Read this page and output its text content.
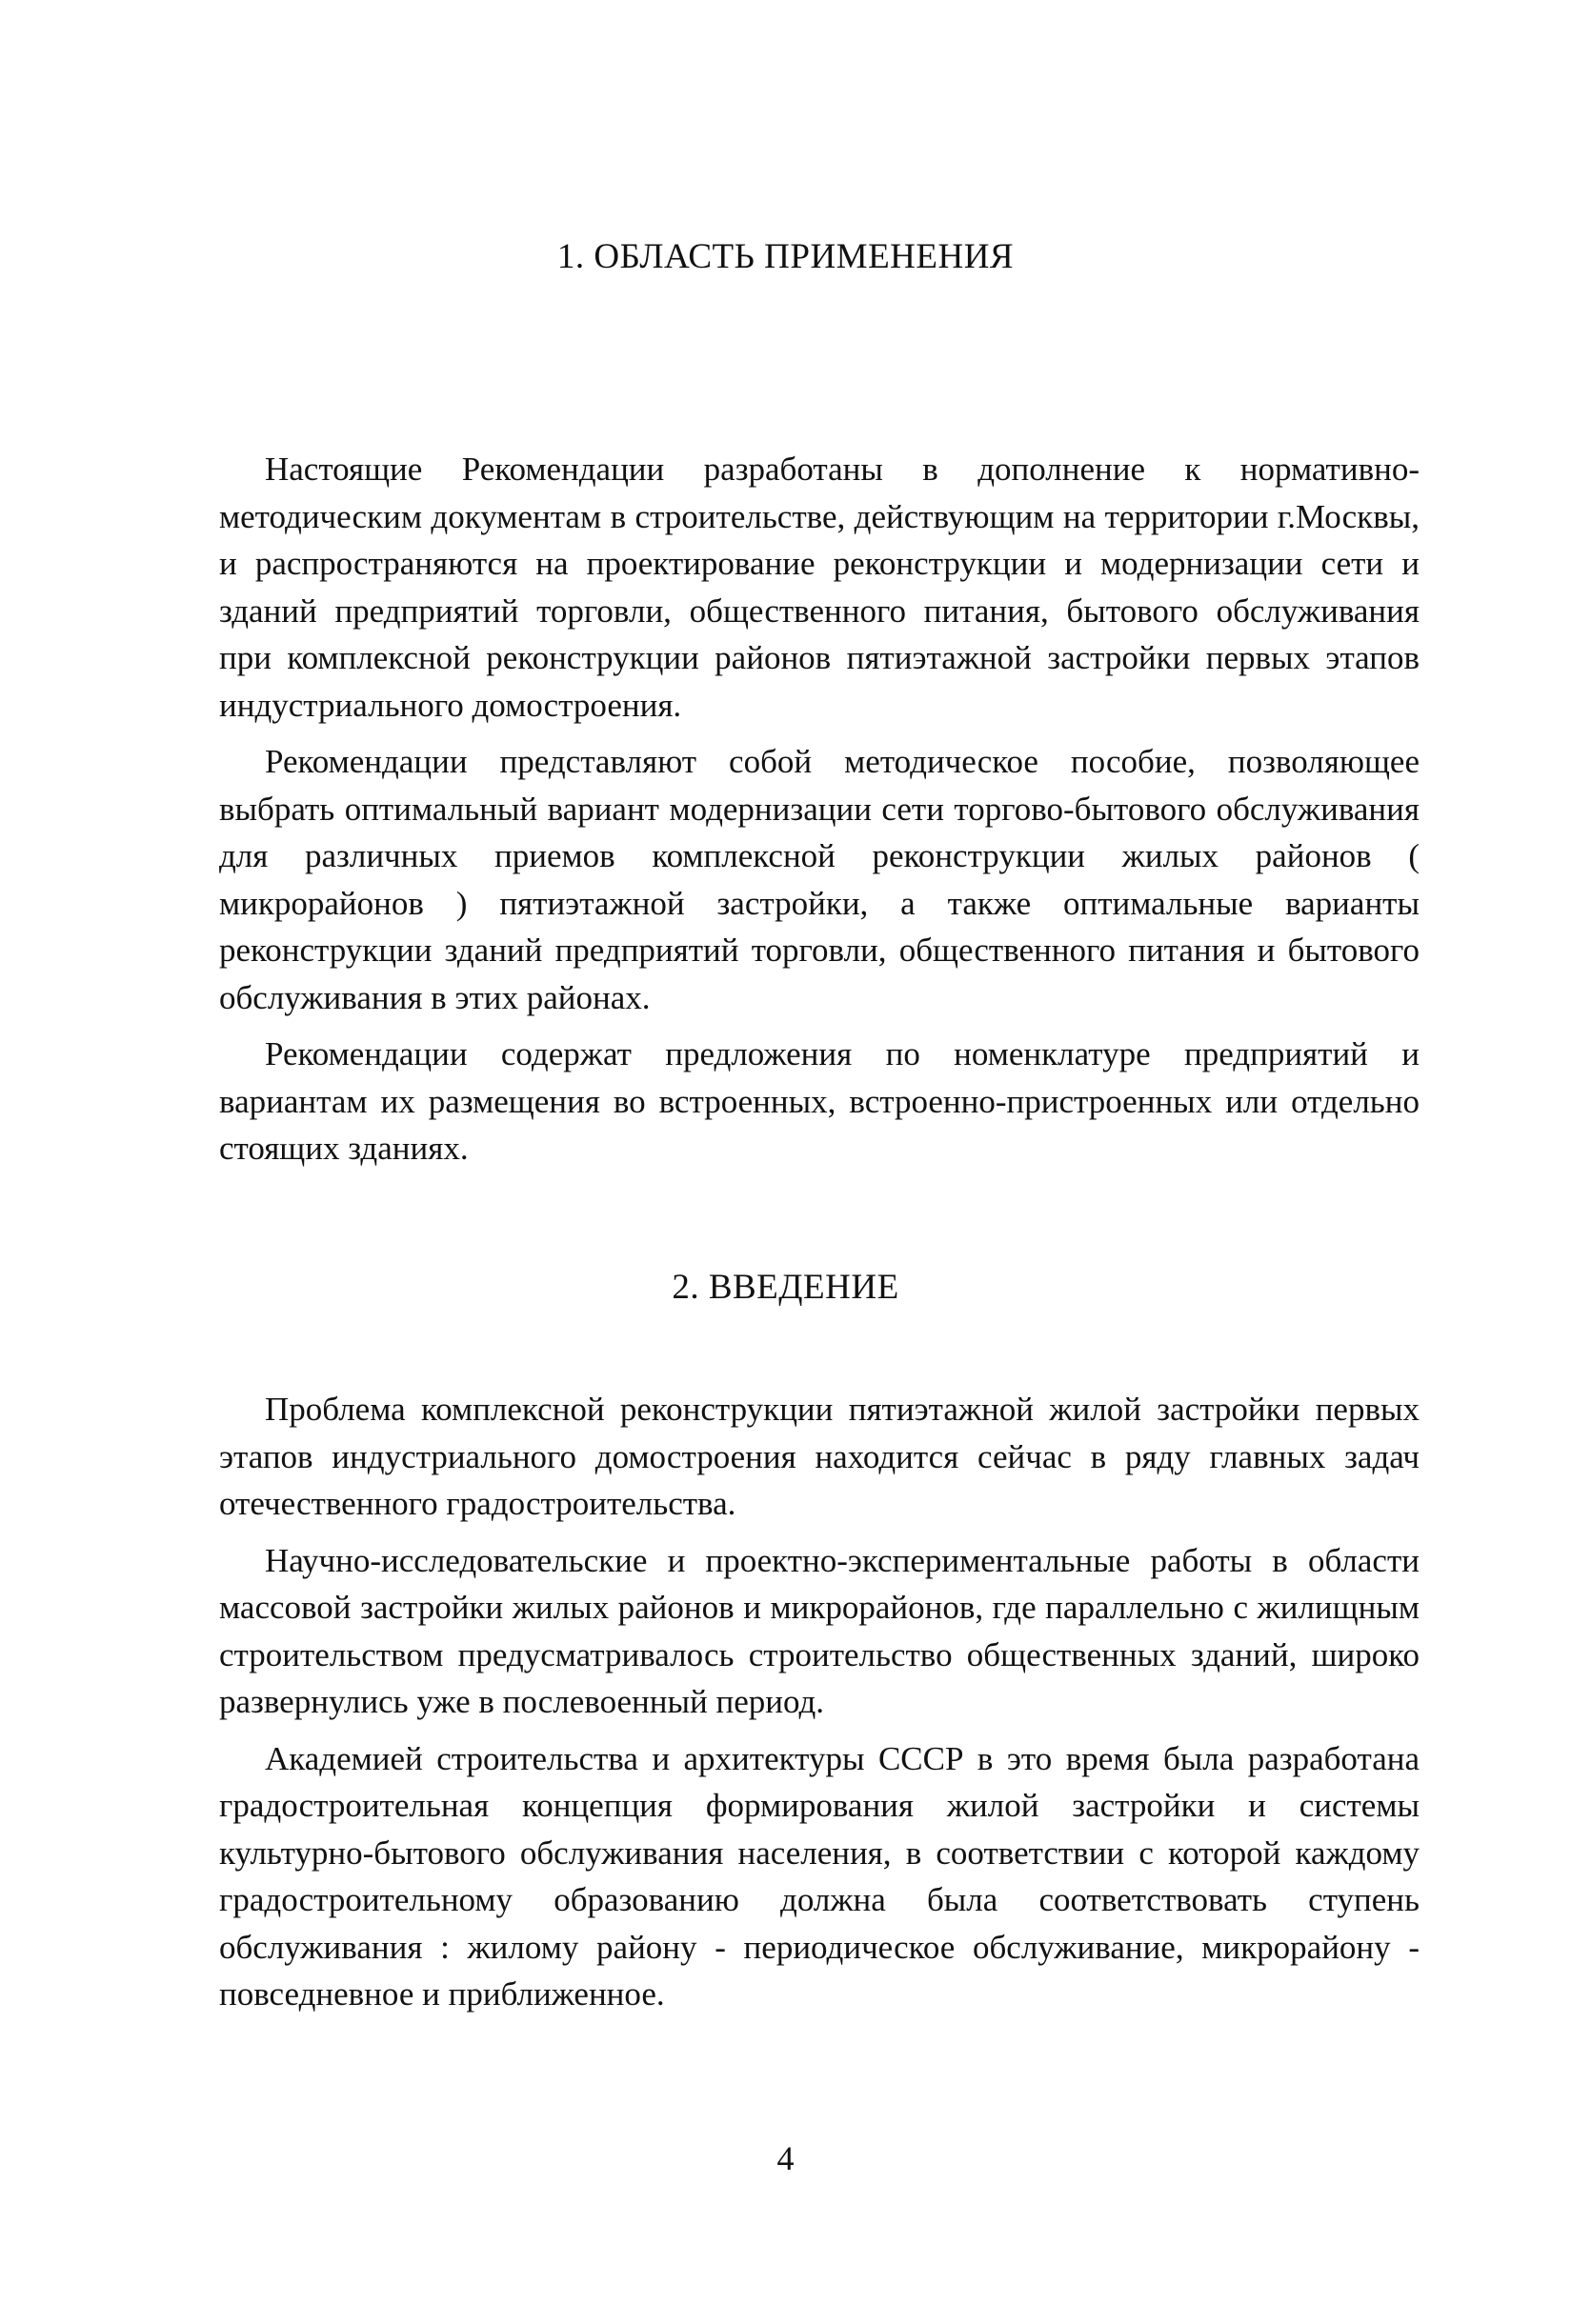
1. ОБЛАСТЬ ПРИМЕНЕНИЯ

Настоящие Рекомендации разработаны в дополнение к нормативно-методическим документам в строительстве, действующим на территории г.Москвы, и распространяются на проектирование реконструкции и модернизации сети и зданий предприятий торговли, общественного питания, бытового обслуживания при комплексной реконструкции районов пятиэтажной застройки первых этапов индустриального домостроения.

Рекомендации представляют собой методическое пособие, позволяющее выбрать оптимальный вариант модернизации сети торгово-бытового обслуживания для различных приемов комплексной реконструкции жилых районов ( микрорайонов ) пятиэтажной застройки, а также оптимальные варианты реконструкции зданий предприятий торговли, общественного питания и бытового обслуживания в этих районах.

Рекомендации содержат предложения по номенклатуре предприятий и вариантам их размещения во встроенных, встроенно-пристроенных или отдельно стоящих зданиях.

2. ВВЕДЕНИЕ

Проблема комплексной реконструкции пятиэтажной жилой застройки первых этапов индустриального домостроения находится сейчас в ряду главных задач отечественного градостроительства.

Научно-исследовательские и проектно-экспериментальные работы в области массовой застройки жилых районов и микрорайонов, где параллельно с жилищным строительством предусматривалось строительство общественных зданий, широко развернулись уже в послевоенный период.

Академией строительства и архитектуры СССР в это время была разработана градостроительная концепция формирования жилой застройки и системы культурно-бытового обслуживания населения, в соответствии с которой каждому градостроительному образованию должна была соответствовать ступень обслуживания : жилому району - периодическое обслуживание, микрорайону - повседневное и приближенное.

4
